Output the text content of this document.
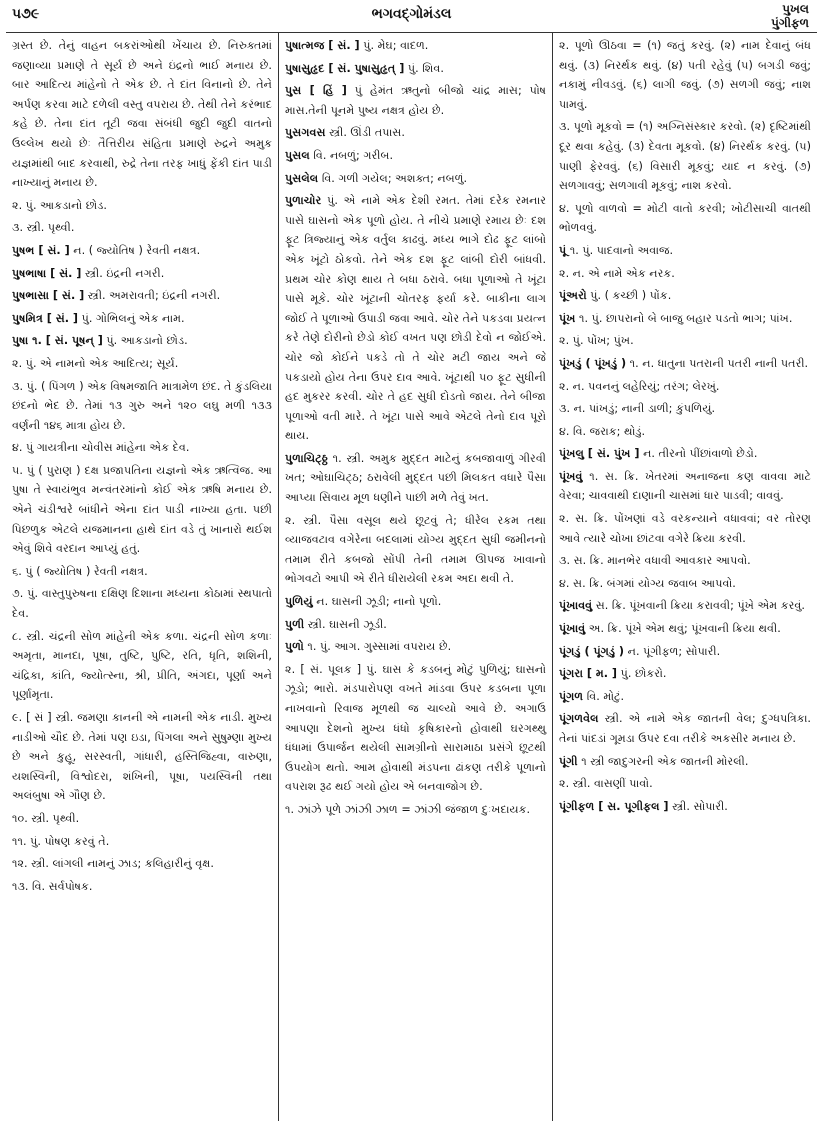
પ૭૯	ભગવદ્ગોમંડલ	પુખલ
પુંગીફળ
ગ્રસ્ત છે. તેનું વાહન બકરાંઓથી ખેંચાય છે. નિરુક્તમાં જણાવ્યા પ્રમાણે તે સૂર્ય છે અને ઇંદ્રનો ભાઈ મનાય છે. બાર આદિત્ય માંહેનો તે એક છે. તે દાંત વિનાનો છે. તેને અર્પણ કરવા માટે દળેલી વસ્તુ વપરાય છે. તેથી તેને કરંભાદ કહે છે. તેના દાંત તૂટી જવા સંબંધી જુદી જુદી વાતનો ઉલ્લેખ થયો છેઃ તૈત્તિરીય સંહિતા પ્રમાણે રુદ્રને અમુક યજ્ઞમાંથી બાદ કરવાથી, રુદ્રે તેના તરફ ખાધું ફેંકી દાંત પાડી નાખ્યાનું મનાય છે.
૨. પું. આકડાનો છોડ.
૩. સ્ત્રી. પૃથ્વી.
પુષભ [ સં. ] ન. ( જ્યોતિષ ) રેવતી નક્ષત્ર.
પુષભાષા [ સં. ] સ્ત્રી. ઇંદ્રની નગરી.
પુષભાસા [ સં. ] સ્ત્રી. અમરાવતી; ઇંદ્રની નગરી.
પુષમિત્ર [ સં. ] પું. ગોભિલનું એક નામ.
પુષા ૧. [ સં. પૂષન્ ] પું. આકડાનો છોડ.
૨. પું. એ નામનો એક આદિત્ય; સૂર્ય.
૩. પું. ( પિંગળ ) એક વિષમજાતિ માત્રામેળ છંદ. તે કુંડલિયા છંદનો ભેદ છે. તેમાં ૧૩ ગુરુ અને ૧૨૦ લઘુ મળી ૧૩૩ વર્ણની ૧૪૬ માત્રા હોય છે.
૪. પું ગાયત્રીના ચોવીસ માંહેના એક દેવ.
૫. પું ( પુરાણ ) દક્ષ પ્રજાપતિના યજ્ઞનો એક ઋત્વિજ. આ પુષા તે સ્વાયંભુવ મન્વંતરમાંનો કોઈ એક ઋષિ મનાય છે. એને ચંડીશ્વરે બાંધીને એના દાંત પાડી નાખ્યા હતા. પછી પિછળુક એટલે યજમાનના હાથે દાંત વડે તું ખાનારો થઈશ એવું શિવે વરદાન આપ્યું હતું.
૬. પું ( જ્યોતિષ ) રેવતી નક્ષત્ર.
૭. પું. વાસ્તુપુરુષના દક્ષિણ દિશાના મધ્યના કોઠામાં સ્થપાતો દેવ.
૮. સ્ત્રી. ચંદ્રની સોળ માંહેની એક કળા. ચંદ્રની સોળ કળાઃ અમૃતા, માનદા, પૂષા, તુષ્ટિ, પુષ્ટિ, રતિ, ધૃતિ, શશિની, ચંદ્રિકા, કાંતિ, જ્યોત્સ્ના, શ્રી, પ્રીતિ, અંગદા, પૂર્ણા અને પૂર્ણામૃતા.
૯. [ સં ] સ્ત્રી. જમણા કાનની એ નામની એક નાડી. મુખ્ય નાડીઓ ચૌદ છે. તેમાં પણ ઇડા, પિંગલા અને સુષુમ્ણા મુખ્ય છે અને કુહૂ, સરસ્વતી, ગાંધારી, હસ્તિજિહ્વા, વારુણા, યશસ્વિની, વિશ્વોદરા, શંખિની, પૂષા, પયસ્વિની તથા અલંબુષા એ ગૌણ છે.
૧૦. સ્ત્રી. પૃથ્વી.
૧૧. પું. પોષણ કરવું તે.
૧૨. સ્ત્રી. લાંગલી નામનું ઝાડ; કલિહારીનું વૃક્ષ.
૧૩. વિ. સર્વપોષક.
પુષાત્મજ [ સં. ] પું. મેઘ; વાદળ.
પુષાસુહૃદ [ સં. પુષાસુહૃત્ ] પું. શિવ.
પુસ [ હિં ] પું હેમંત ઋતુનો બીજો ચાંદ્ર માસ; પોષ માસ.તેની પૂનમે પુષ્ય નક્ષત્ર હોય છે.
પુસગવસ સ્ત્રી. ઊંડી તપાસ.
પુસલ વિ. નબળું; ગરીબ.
પુસલેલ વિ. ગળી ગયેલ; અશક્ત; નબળું.
પુળાચોર પું. એ નામે એક દેશી રમત. તેમાં દરેક રમનાર પાસે ઘાસનો એક પૂળો હોય. તે નીચે પ્રમાણે રમાય છેઃ દશ ફૂટ ત્રિજ્યાનું એક વર્તુલ કાઢવું. મધ્ય ભાગે દોઢ ફૂટ લાંબો એક ખૂંટો ઠોકવો. તેને એક દશ ફૂટ લાંબી દોરી બાંધવી. પ્રથમ ચોર કોણ થાય તે બધા ઠરાવે. બધા પૂળાઓ તે ખૂંટા પાસે મૂકે. ચોર ખૂંટાની ચોતરફ ફર્યા કરે. બાકીના લાગ જોઈ તે પૂળાઓ ઉપાડી જવા આવે. ચોર તેને પકડવા પ્રયત્ન કરે તેણે દોરીનો છેડો કોઈ વખત પણ છોડી દેવો ન જોઈએ. ચોર જો કોઈને પકડે તો તે ચોર મટી જાય અને જે પકડાયો હોય તેના ઉપર દાવ આવે. ખૂંટાથી ૫૦ ફૂટ સુધીની હદ મુકરર કરવી. ચોર તે હદ સુધી દોડતો જાય. તેને બીજા પૂળાઓ વતી મારે. તે ખૂંટા પાસે આવે એટલે તેનો દાવ પૂરો થાય.
પુળાચિટ્ઠ્ઠ ૧. સ્ત્રી. અમુક મુદ્દત માટેનું કબજાવાળું ગીરવી ખત; ઓઘાચિટ્ઠ; ઠરાવેલી મુદ્દત પછી મિલકત વધારે પૈસા આપ્યા સિવાય મૂળ ધણીને પાછી મળે તેવું ખત.
૨. સ્ત્રી. પૈસા વસૂલ થયે છૂટવું તે; ધીરેલ રકમ તથા વ્યાજવટાવ વગેરેના બદલામાં યોગ્ય મુદ્દત સુધી જમીનનો તમામ રીતે કબજો સોંપી તેની તમામ ઊપજ ખાવાનો ભોગવટો આપી એ રીતે ધીરાયેલી રકમ અદા થવી તે.
પુળિયું ન. ઘાસની ઝૂડી; નાનો પૂળો.
પુળી સ્ત્રી. ઘાસની ઝૂડી.
પુળો ૧. પું. આગ. ગુસ્સામાં વપરાય છે.
૨. [ સં. પૂલક ] પું. ઘાસ કે કડબનું મોટું પુળિયું; ઘાસનો ઝૂડો; ભારો. મંડપારોપણ વખતે માંડવા ઉપર કડબના પૂળા નાખવાનો રિવાજ મૂળથી જ ચાલ્યો આવે છે. અગાઉ આપણા દેશનો મુખ્ય ધંધો કૃષિકારનો હોવાથી ઘરગથ્થુ ધંધામાં ઉપાર્જન થયેલી સામગ્રીનો સારામાઠા પ્રસંગે છૂટથી ઉપયોગ થતો. આમ હોવાથી મંડપના ઢાંકણ તરીકે પૂળાનો વપરાશ રૂઢ થઈ ગયો હોય એ બનવાજોગ છે.
૧. ઝાંઝે પૂળે ઝાંઝી ઝાળ = ઝાંઝી જંજાળ દુઃખદાયક.
૨. પૂળો ઊઠવા = (૧) જતું કરવું. (૨) નામ દેવાનું બંધ થવું. (૩) નિરર્થક થવું. (૪) પતી રહેવું (૫) બગડી જવું; નકામું નીવડવું. (૬) લાગી જવું. (૭) સળગી જવું; નાશ પામવું.
૩. પૂળો મૂકવો = (૧) અગ્નિસંસ્કાર કરવો. (૨) દૃષ્ટિમાંથી દૂર થવા કહેવું. (૩) દેવતા મૂકવો. (૪) નિરર્થક કરવું. (૫) પાણી ફેરવવું. (૬) વિસારી મૂકવું; યાદ ન કરવું. (૭) સળગાવવું; સળગાવી મૂકવું; નાશ કરવો.
૪. પૂળો વાળવો = મોટી વાતો કરવી; ખોટીસાચી વાતથી ભોળવવું.
પૂં ૧. પું. પાદવાનો અવાજ.
૨. ન. એ નામે એક નરક.
પૂંઅરો પું. ( કચ્છી ) પોંક.
પૂંખ ૧. પું. છાપરાનો બે બાજુ બહાર પડતો ભાગ; પાંખ.
૨. પું. પોંખ; પુંખ.
પૂંખડું ( પૂંખડું ) ૧. ન. ધાતુના પતરાની પતરી નાની પતરી.
૨. ન. પવનનું લહેરિયું; તરંગ; લેરખું.
૩. ન. પાંખડું; નાની ડાળી; કુંપળિયું.
૪. વિ. જરાક; થોડું.
પૂંખલુ [ સં. પુંખ ] ન. તીરનો પીંછાંવાળો છેડો.
પૂંખવું ૧. સ. ક્રિ. ખેતરમાં અનાજના કણ વાવવા માટે વેરવા; ચાવવાથી દાણાની ચાસમાં ધાર પાડવી; વાવવું.
૨. સ. ક્રિ. પોંખણાં વડે વરકન્યાને વધાવવાં; વર તોરણ આવે ત્યારે ચોખા છાંટવા વગેરે ક્રિયા કરવી.
૩. સ. ક્રિ. માનભેર વધાવી આવકાર આપવો.
૪. સ. ક્રિ. બંગમાં યોગ્ય જવાબ આપવો.
પૂંખાવવું સ. ક્રિ. પૂંખવાની ક્રિયા કરાવવી; પૂંખે એમ કરવું.
પૂંખાવું અ. ક્રિ. પૂંખે એમ થવું; પૂંખવાની ક્રિયા થવી.
પૂંગડું ( પૂંગડું ) ન. પૂંગીફળ; સોપારી.
પૂંગરા [ મ. ] પું. છોકરો.
પૂંગળ વિ. મોટું.
પૂંગળવેલ સ્ત્રી. એ નામે એક જાતની વેલ; દુગ્ધપત્રિકા. તેનાં પાંદડાં ગૂમડા ઉપર દવા તરીકે અકસીર મનાય છે.
પૂંગી ૧ સ્ત્રી જાદુગરની એક જાતની મોરલી.
૨. સ્ત્રી. વાસણીં પાવો.
પૂંગીફળ [ સ. પૂગીફલ ] સ્ત્રી. સોપારી.
